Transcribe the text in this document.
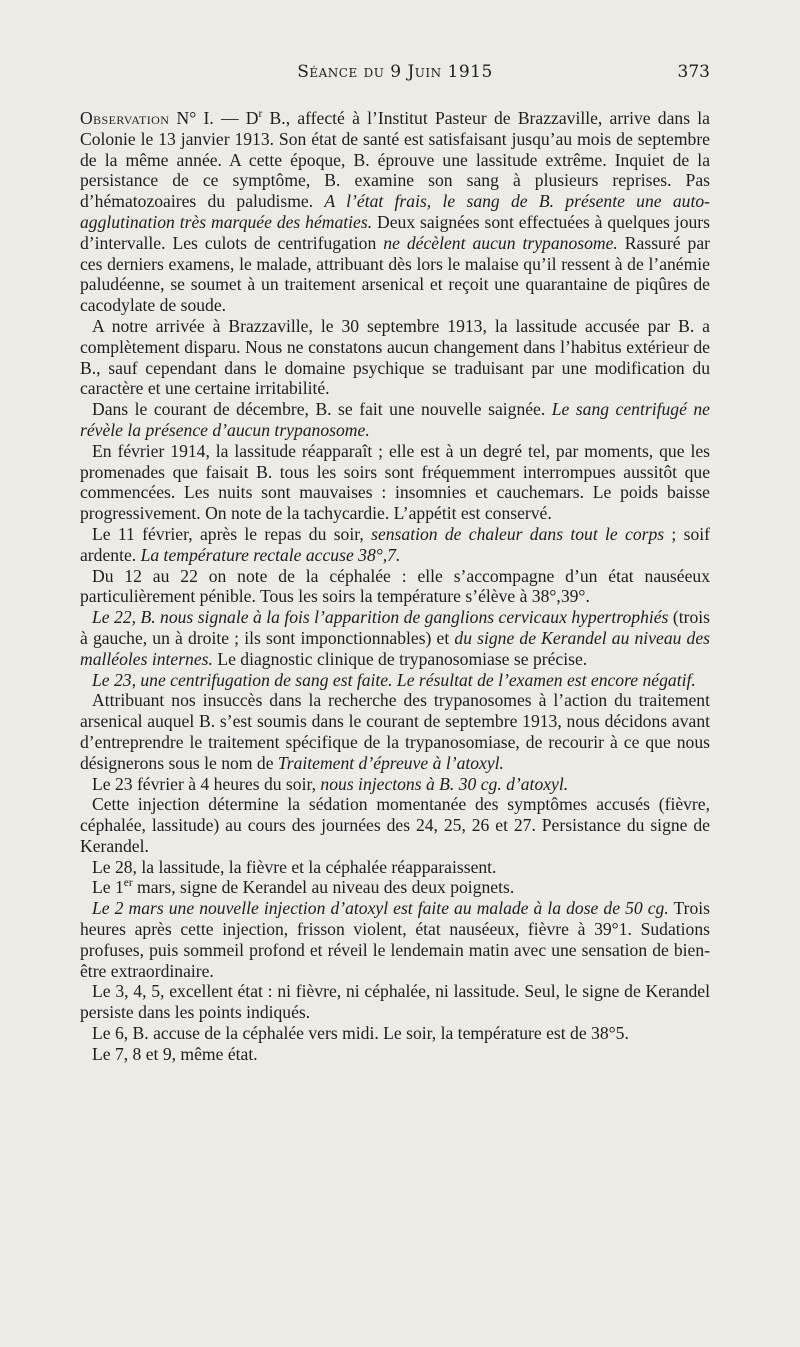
Séance du 9 Juin 1915	373

Observation N° I. — $D^r$ B., affecté à l’Institut Pasteur de Brazzaville, arrive dans la Colonie le 13 janvier 1913. Son état de santé est satisfaisant jusqu’au mois de septembre de la même année. A cette époque, B. éprouve une lassitude extrême. Inquiet de la persistance de ce symptôme, B. examine son sang à plusieurs reprises. Pas d’hématozoaires du paludisme. A l’état frais, le sang de B. présente une auto-agglutination très marquée des hématies. Deux saignées sont effectuées à quelques jours d’intervalle. Les culots de centrifugation ne décèlent aucun trypanosome. Rassuré par ces derniers examens, le malade, attribuant dès lors le malaise qu’il ressent à de l’anémie paludéenne, se soumet à un traitement arsenical et reçoit une quarantaine de piqûres de cacodylate de soude.

A notre arrivée à Brazzaville, le 30 septembre 1913, la lassitude accusée par B. a complètement disparu. Nous ne constatons aucun changement dans l’habitus extérieur de B., sauf cependant dans le domaine psychique se traduisant par une modification du caractère et une certaine irritabilité.

Dans le courant de décembre, B. se fait une nouvelle saignée. Le sang centrifugé ne révèle la présence d’aucun trypanosome.

En février 1914, la lassitude réapparaît ; elle est à un degré tel, par moments, que les promenades que faisait B. tous les soirs sont fréquemment interrompues aussitôt que commencées. Les nuits sont mauvaises : insomnies et cauchemars. Le poids baisse progressivement. On note de la tachycardie. L’appétit est conservé.

Le 11 février, après le repas du soir, sensation de chaleur dans tout le corps ; soif ardente. La température rectale accuse 38°,7.

Du 12 au 22 on note de la céphalée : elle s’accompagne d’un état nauséeux particulièrement pénible. Tous les soirs la température s’élève à 38°,39°.

Le 22, B. nous signale à la fois l’apparition de ganglions cervicaux hypertrophiés (trois à gauche, un à droite ; ils sont imponctionnables) et du signe de Kerandel au niveau des malléoles internes. Le diagnostic clinique de trypanosomiase se précise.

Le 23, une centrifugation de sang est faite. Le résultat de l’examen est encore négatif.

Attribuant nos insuccès dans la recherche des trypanosomes à l’action du traitement arsenical auquel B. s’est soumis dans le courant de septembre 1913, nous décidons avant d’entreprendre le traitement spécifique de la trypanosomiase, de recourir à ce que nous désignerons sous le nom de Traitement d’épreuve à l’atoxyl.

Le 23 février à 4 heures du soir, nous injectons à B. 30 cg. d’atoxyl.

Cette injection détermine la sédation momentanée des symptômes accusés (fièvre, céphalée, lassitude) au cours des journées des 24, 25, 26 et 27. Persistance du signe de Kerandel.

Le 28, la lassitude, la fièvre et la céphalée réapparaissent.

Le 1er mars, signe de Kerandel au niveau des deux poignets.

Le 2 mars une nouvelle injection d’atoxyl est faite au malade à la dose de 50 cg. Trois heures après cette injection, frisson violent, état nauséeux, fièvre à 39°1. Sudations profuses, puis sommeil profond et réveil le lendemain matin avec une sensation de bien-être extraordinaire.

Le 3, 4, 5, excellent état : ni fièvre, ni céphalée, ni lassitude. Seul, le signe de Kerandel persiste dans les points indiqués.

Le 6, B. accuse de la céphalée vers midi. Le soir, la température est de 38°5.

Le 7, 8 et 9, même état.
